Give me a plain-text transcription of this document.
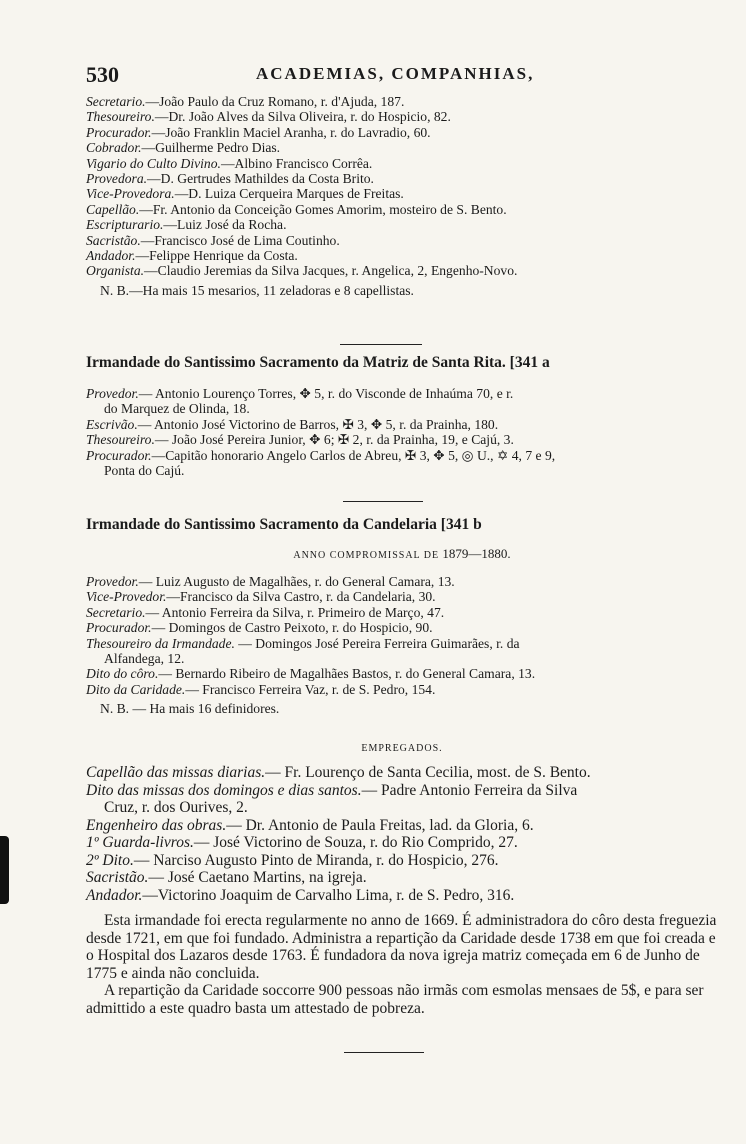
530	ACADEMIAS, COMPANHIAS,
Secretario.—João Paulo da Cruz Romano, r. d'Ajuda, 187.
Thesoureiro.—Dr. João Alves da Silva Oliveira, r. do Hospicio, 82.
Procurador.—João Franklin Maciel Aranha, r. do Lavradio, 60.
Cobrador.—Guilherme Pedro Dias.
Vigario do Culto Divino.—Albino Francisco Corrêa.
Provedora.—D. Gertrudes Mathildes da Costa Brito.
Vice-Provedora.—D. Luiza Cerqueira Marques de Freitas.
Capellão.—Fr. Antonio da Conceição Gomes Amorim, mosteiro de S. Bento.
Escripturario.—Luiz José da Rocha.
Sacristão.—Francisco José de Lima Coutinho.
Andador.—Felippe Henrique da Costa.
Organista.—Claudio Jeremias da Silva Jacques, r. Angelica, 2, Engenho-Novo.
N. B.—Ha mais 15 mesarios, 11 zeladoras e 8 capellistas.
Irmandade do Santissimo Sacramento da Matriz de Santa Rita. [341 a
Provedor.— Antonio Lourenço Torres, ✥ 5, r. do Visconde de Inhaúma 70, e r.
do Marquez de Olinda, 18.
Escrivão.— Antonio José Victorino de Barros, ✠ 3, ✥ 5, r. da Prainha, 180.
Thesoureiro.— João José Pereira Junior, ✥ 6; ✠ 2, r. da Prainha, 19, e Cajú, 3.
Procurador.—Capitão honorario Angelo Carlos de Abreu, ✠ 3, ✥ 5, ◎ U., ✡ 4, 7 e 9,
Ponta do Cajú.
Irmandade do Santissimo Sacramento da Candelaria [341 b
ANNO COMPROMISSAL DE 1879—1880.
Provedor.— Luiz Augusto de Magalhães, r. do General Camara, 13.
Vice-Provedor.—Francisco da Silva Castro, r. da Candelaria, 30.
Secretario.— Antonio Ferreira da Silva, r. Primeiro de Março, 47.
Procurador.— Domingos de Castro Peixoto, r. do Hospicio, 90.
Thesoureiro da Irmandade. — Domingos José Pereira Ferreira Guimarães, r. da
Alfandega, 12.
Dito do côro.— Bernardo Ribeiro de Magalhães Bastos, r. do General Camara, 13.
Dito da Caridade.— Francisco Ferreira Vaz, r. de S. Pedro, 154.
N. B. — Ha mais 16 definidores.
EMPREGADOS.
Capellão das missas diarias.— Fr. Lourenço de Santa Cecilia, most. de S. Bento.
Dito das missas dos domingos e dias santos.— Padre Antonio Ferreira da Silva
Cruz, r. dos Ourives, 2.
Engenheiro das obras.— Dr. Antonio de Paula Freitas, lad. da Gloria, 6.
1º Guarda-livros.— José Victorino de Souza, r. do Rio Comprido, 27.
2º Dito.— Narciso Augusto Pinto de Miranda, r. do Hospicio, 276.
Sacristão.— José Caetano Martins, na igreja.
Andador.—Victorino Joaquim de Carvalho Lima, r. de S. Pedro, 316.

Esta irmandade foi erecta regularmente no anno de 1669. É administradora do côro desta freguezia desde 1721, em que foi fundado. Administra a repartição da Caridade desde 1738 em que foi creada e o Hospital dos Lazaros desde 1763. É fundadora da nova igreja matriz começada em 6 de Junho de 1775 e ainda não concluida.

A repartição da Caridade soccorre 900 pessoas não irmãs com esmolas mensaes de 5$, e para ser admittido a este quadro basta um attestado de pobreza.
